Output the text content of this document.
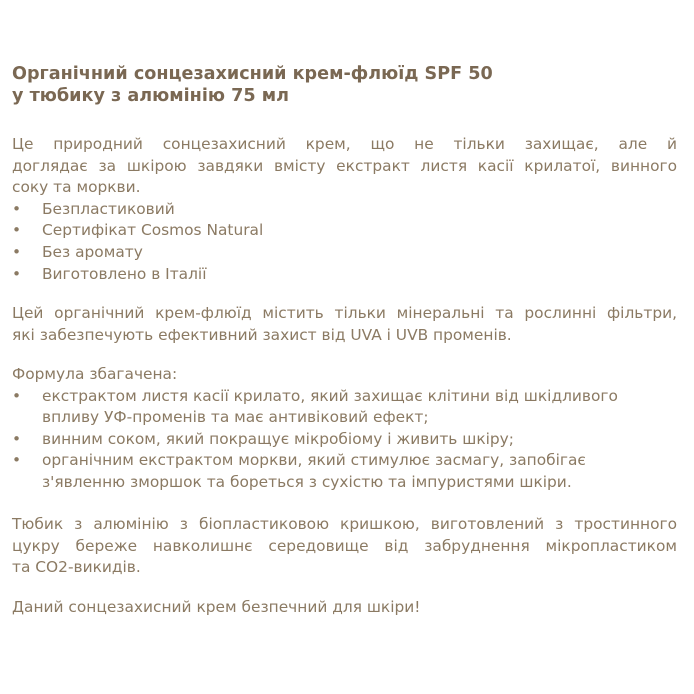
Органічний сонцезахисний крем-флюїд SPF 50
у тюбику з алюмінію 75 мл
Це природний сонцезахисний крем, що не тільки захищає, але й
доглядає за шкірою завдяки вмісту екстракт листя касії крилатої, винного
соку та моркви.
•	Безпластиковий
•	Сертифікат Cosmos Natural
•	Без аромату
•	Виготовлено в Італії
Цей органічний крем-флюїд містить тільки мінеральні та рослинні фільтри,
які забезпечують ефективний захист від UVA і UVB променів.
Формула збагачена:
•	екстрактом листя касії крилато, який захищає клітини від шкідливого
впливу УФ-променів та має антивіковий ефект;
•	винним соком, який покращує мікробіому і живить шкіру;
•	органічним екстрактом моркви, який стимулює засмагу, запобігає
з'явленню зморшок та бореться з сухістю та імпуристями шкіри.
Тюбик з алюмінію з біопластиковою кришкою, виготовлений з тростинного
цукру береже навколишнє середовище від забруднення мікропластиком
та CO2-викидів.
Даний сонцезахисний крем безпечний для шкіри!
